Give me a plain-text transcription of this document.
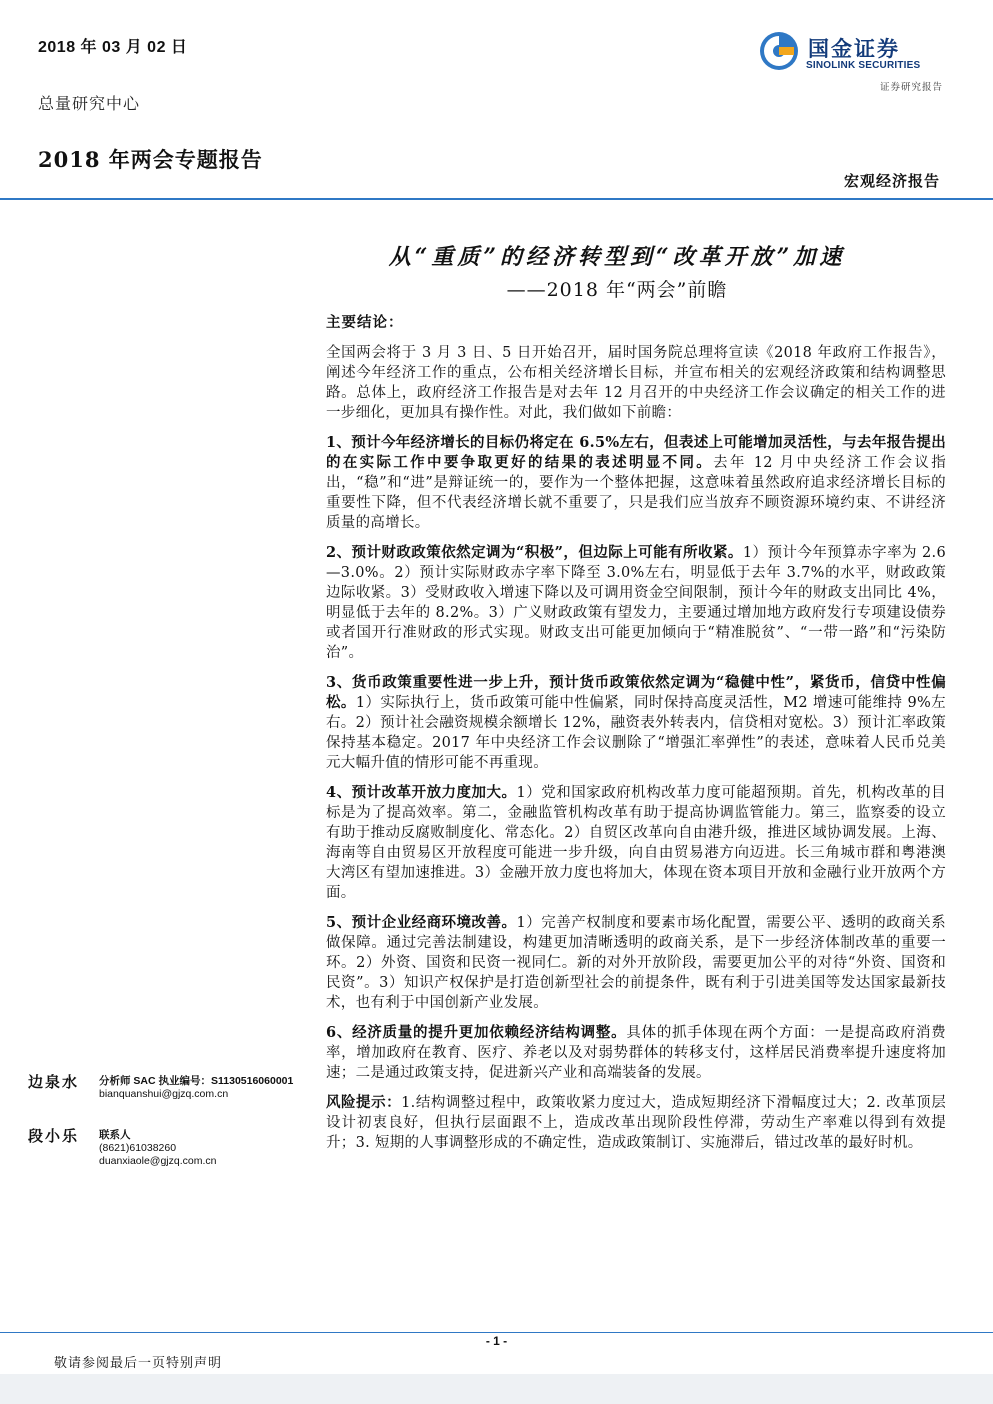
2018 年 03 月 02 日
总量研究中心
2018 年两会专题报告
宏观经济报告
国金证券
SINOLINK SECURITIES
证券研究报告
从“重质”的经济转型到“改革开放”加速
——2018 年“两会”前瞻

主要结论：

全国两会将于 3 月 3 日、5 日开始召开，届时国务院总理将宣读《2018 年政府工作报告》，阐述今年经济工作的重点，公布相关经济增长目标，并宣布相关的宏观经济政策和结构调整思路。总体上，政府经济工作报告是对去年 12 月召开的中央经济工作会议确定的相关工作的进一步细化，更加具有操作性。对此，我们做如下前瞻：

1、预计今年经济增长的目标仍将定在 6.5%左右，但表述上可能增加灵活性，与去年报告提出的在实际工作中要争取更好的结果的表述明显不同。去年 12 月中央经济工作会议指出，“稳”和“进”是辩证统一的，要作为一个整体把握，这意味着虽然政府追求经济增长目标的重要性下降，但不代表经济增长就不重要了，只是我们应当放弃不顾资源环境约束、不讲经济质量的高增长。

2、预计财政政策依然定调为“积极”，但边际上可能有所收紧。1）预计今年预算赤字率为 2.6—3.0%。2）预计实际财政赤字率下降至 3.0%左右，明显低于去年 3.7%的水平，财政政策边际收紧。3）受财政收入增速下降以及可调用资金空间限制，预计今年的财政支出同比 4%，明显低于去年的 8.2%。3）广义财政政策有望发力，主要通过增加地方政府发行专项建设债券或者国开行准财政的形式实现。财政支出可能更加倾向于“精准脱贫”、“一带一路”和“污染防治”。

3、货币政策重要性进一步上升，预计货币政策依然定调为“稳健中性”，紧货币，信贷中性偏松。1）实际执行上，货币政策可能中性偏紧，同时保持高度灵活性，M2 增速可能维持 9%左右。2）预计社会融资规模余额增长 12%，融资表外转表内，信贷相对宽松。3）预计汇率政策保持基本稳定。2017 年中央经济工作会议删除了“增强汇率弹性”的表述，意味着人民币兑美元大幅升值的情形可能不再重现。

4、预计改革开放力度加大。1）党和国家政府机构改革力度可能超预期。首先，机构改革的目标是为了提高效率。第二，金融监管机构改革有助于提高协调监管能力。第三，监察委的设立有助于推动反腐败制度化、常态化。2）自贸区改革向自由港升级，推进区域协调发展。上海、海南等自由贸易区开放程度可能进一步升级，向自由贸易港方向迈进。长三角城市群和粤港澳大湾区有望加速推进。3）金融开放力度也将加大，体现在资本项目开放和金融行业开放两个方面。

5、预计企业经商环境改善。1）完善产权制度和要素市场化配置，需要公平、透明的政商关系做保障。通过完善法制建设，构建更加清晰透明的政商关系，是下一步经济体制改革的重要一环。2）外资、国资和民资一视同仁。新的对外开放阶段，需要更加公平的对待“外资、国资和民资”。3）知识产权保护是打造创新型社会的前提条件，既有利于引进美国等发达国家最新技术，也有利于中国创新产业发展。

6、经济质量的提升更加依赖经济结构调整。具体的抓手体现在两个方面：一是提高政府消费率，增加政府在教育、医疗、养老以及对弱势群体的转移支付，这样居民消费率提升速度将加速；二是通过政策支持，促进新兴产业和高端装备的发展。

风险提示：1.结构调整过程中，政策收紧力度过大，造成短期经济下滑幅度过大；2. 改革顶层设计初衷良好，但执行层面跟不上，造成改革出现阶段性停滞，劳动生产率难以得到有效提升；3. 短期的人事调整形成的不确定性，造成政策制订、实施滞后，错过改革的最好时机。

边泉水 分析师 SAC 执业编号：S1130516060001
bianquanshui@gjzq.com.cn
段小乐 联系人
(8621)61038260
duanxiaole@gjzq.com.cn
- 1 -
敬请参阅最后一页特别声明
